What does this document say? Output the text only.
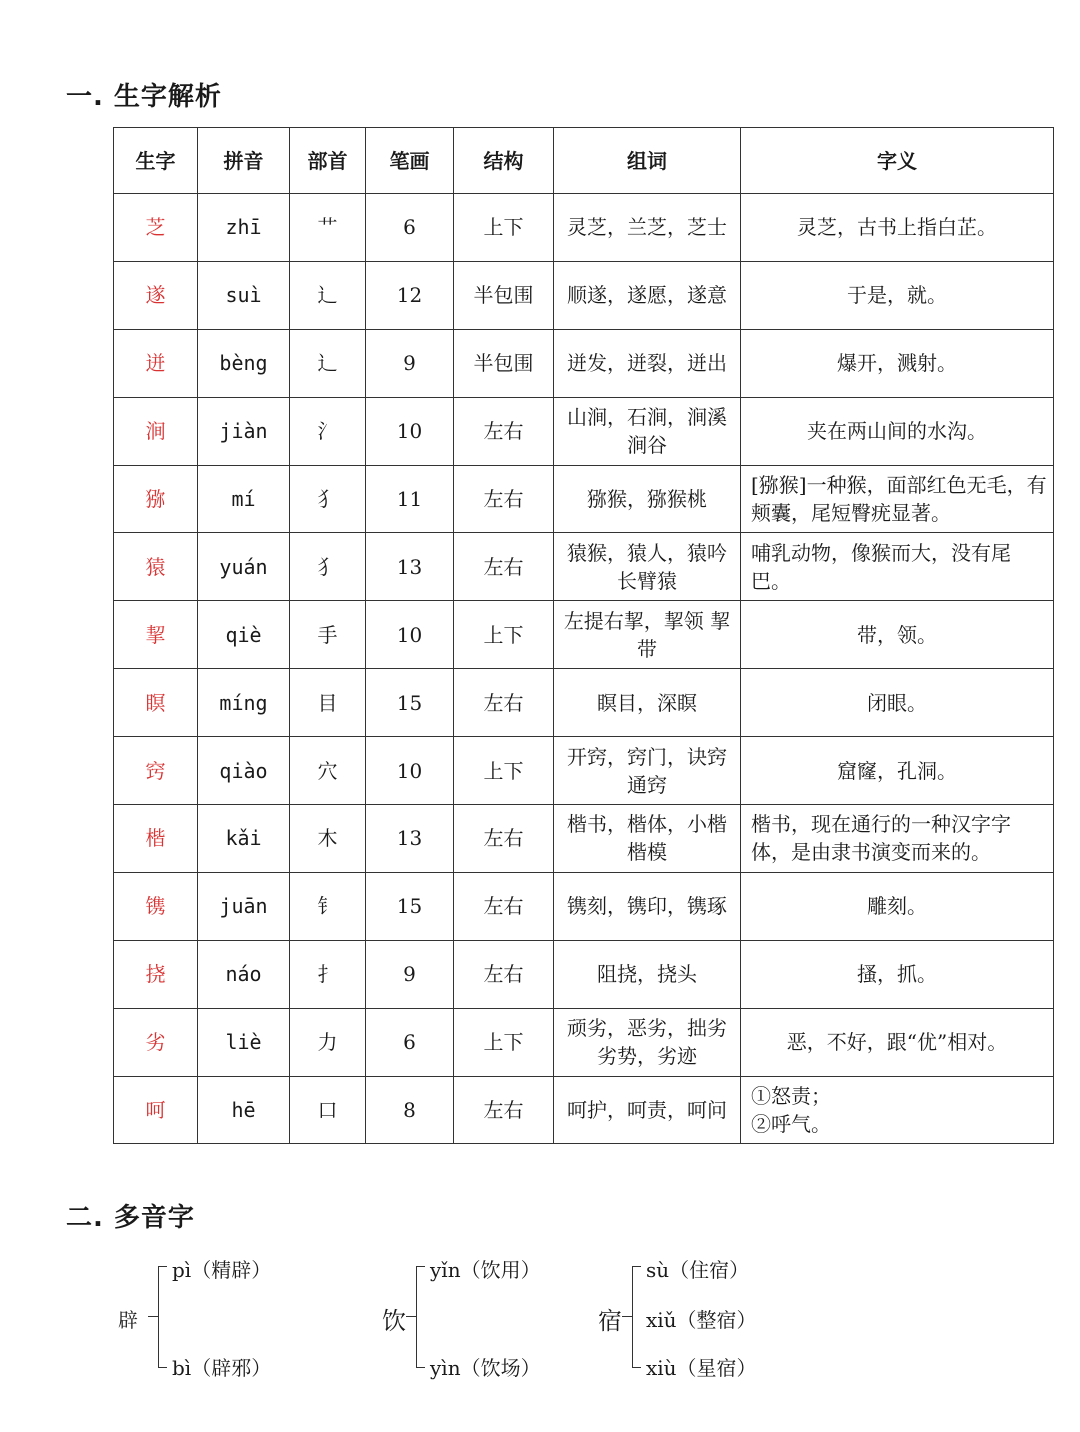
一. 生字解析
生字	拼音	部首	笔画	结构	组词	字义
芝	zhī	艹	6	上下	灵芝，兰芝，芝士	灵芝，古书上指白芷。
遂	suì	辶	12	半包围	顺遂，遂愿，遂意	于是，就。
迸	bèng	辶	9	半包围	迸发，迸裂，迸出	爆开，溅射。
涧	jiàn	氵	10	左右	山涧，石涧，涧溪 涧谷	夹在两山间的水沟。
猕	mí	犭	11	左右	猕猴，猕猴桃	[猕猴]一种猴，面部红色无毛，有颊囊，尾短臀疣显著。
猿	yuán	犭	13	左右	猿猴，猿人，猿吟 长臂猿	哺乳动物，像猴而大，没有尾巴。
挈	qiè	手	10	上下	左提右挈，挈领 挈带	带，领。
瞑	míng	目	15	左右	瞑目，深瞑	闭眼。
窍	qiào	穴	10	上下	开窍，窍门，诀窍 通窍	窟窿，孔洞。
楷	kǎi	木	13	左右	楷书，楷体，小楷 楷模	楷书，现在通行的一种汉字字体，是由隶书演变而来的。
镌	juān	钅	15	左右	镌刻，镌印，镌琢	雕刻。
挠	náo	扌	9	左右	阻挠，挠头	搔，抓。
劣	liè	力	6	上下	顽劣，恶劣，拙劣 劣势，劣迹	恶，不好，跟“优”相对。
呵	hē	口	8	左右	呵护，呵责，呵问	①怒责；
②呼气。
二. 多音字
辟
pì（精辟）
bì（辟邪）
饮
yǐn（饮用）
yìn（饮场）
宿
sù（住宿）
xiǔ（整宿）
xiù（星宿）
